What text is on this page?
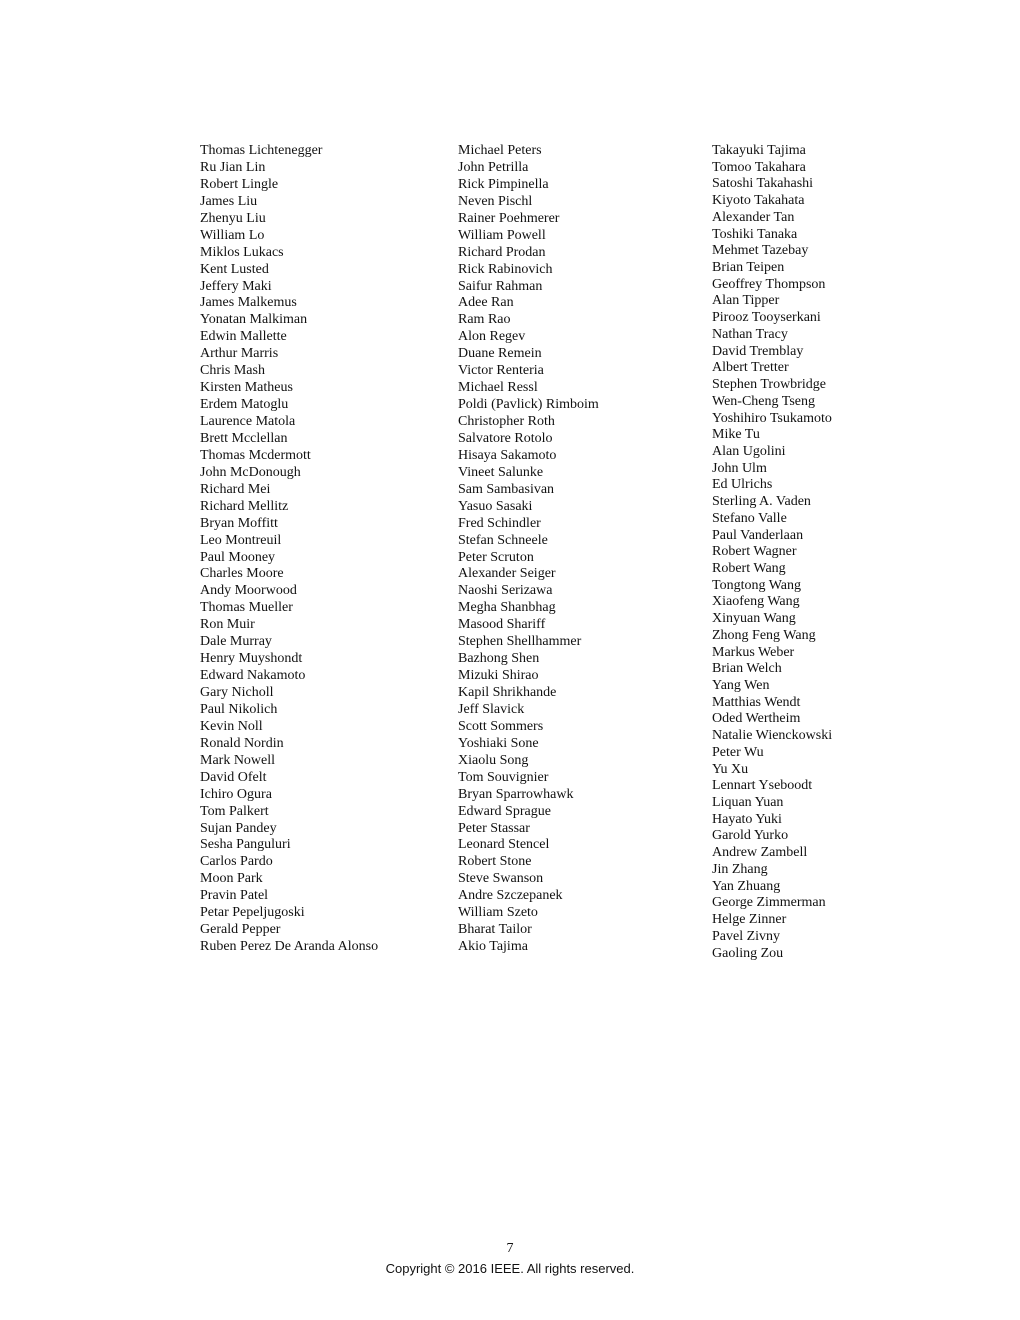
Thomas Lichtenegger
Ru Jian Lin
Robert Lingle
James Liu
Zhenyu Liu
William Lo
Miklos Lukacs
Kent Lusted
Jeffery Maki
James Malkemus
Yonatan Malkiman
Edwin Mallette
Arthur Marris
Chris Mash
Kirsten Matheus
Erdem Matoglu
Laurence Matola
Brett Mcclellan
Thomas Mcdermott
John McDonough
Richard Mei
Richard Mellitz
Bryan Moffitt
Leo Montreuil
Paul Mooney
Charles Moore
Andy Moorwood
Thomas Mueller
Ron Muir
Dale Murray
Henry Muyshondt
Edward Nakamoto
Gary Nicholl
Paul Nikolich
Kevin Noll
Ronald Nordin
Mark Nowell
David Ofelt
Ichiro Ogura
Tom Palkert
Sujan Pandey
Sesha Panguluri
Carlos Pardo
Moon Park
Pravin Patel
Petar Pepeljugoski
Gerald Pepper
Ruben Perez De Aranda Alonso
Michael Peters
John Petrilla
Rick Pimpinella
Neven Pischl
Rainer Poehmerer
William Powell
Richard Prodan
Rick Rabinovich
Saifur Rahman
Adee Ran
Ram Rao
Alon Regev
Duane Remein
Victor Renteria
Michael Ressl
Poldi (Pavlick) Rimboim
Christopher Roth
Salvatore Rotolo
Hisaya Sakamoto
Vineet Salunke
Sam Sambasivan
Yasuo Sasaki
Fred Schindler
Stefan Schneele
Peter Scruton
Alexander Seiger
Naoshi Serizawa
Megha Shanbhag
Masood Shariff
Stephen Shellhammer
Bazhong Shen
Mizuki Shirao
Kapil Shrikhande
Jeff Slavick
Scott Sommers
Yoshiaki Sone
Xiaolu Song
Tom Souvignier
Bryan Sparrowhawk
Edward Sprague
Peter Stassar
Leonard Stencel
Robert Stone
Steve Swanson
Andre Szczepanek
William Szeto
Bharat Tailor
Akio Tajima
Takayuki Tajima
Tomoo Takahara
Satoshi Takahashi
Kiyoto Takahata
Alexander Tan
Toshiki Tanaka
Mehmet Tazebay
Brian Teipen
Geoffrey Thompson
Alan Tipper
Pirooz Tooyserkani
Nathan Tracy
David Tremblay
Albert Tretter
Stephen Trowbridge
Wen-Cheng Tseng
Yoshihiro Tsukamoto
Mike Tu
Alan Ugolini
John Ulm
Ed Ulrichs
Sterling A. Vaden
Stefano Valle
Paul Vanderlaan
Robert Wagner
Robert Wang
Tongtong Wang
Xiaofeng Wang
Xinyuan Wang
Zhong Feng Wang
Markus Weber
Brian Welch
Yang Wen
Matthias Wendt
Oded Wertheim
Natalie Wienckowski
Peter Wu
Yu Xu
Lennart Yseboodt
Liquan Yuan
Hayato Yuki
Garold Yurko
Andrew Zambell
Jin Zhang
Yan Zhuang
George Zimmerman
Helge Zinner
Pavel Zivny
Gaoling Zou
7
Copyright © 2016 IEEE. All rights reserved.
